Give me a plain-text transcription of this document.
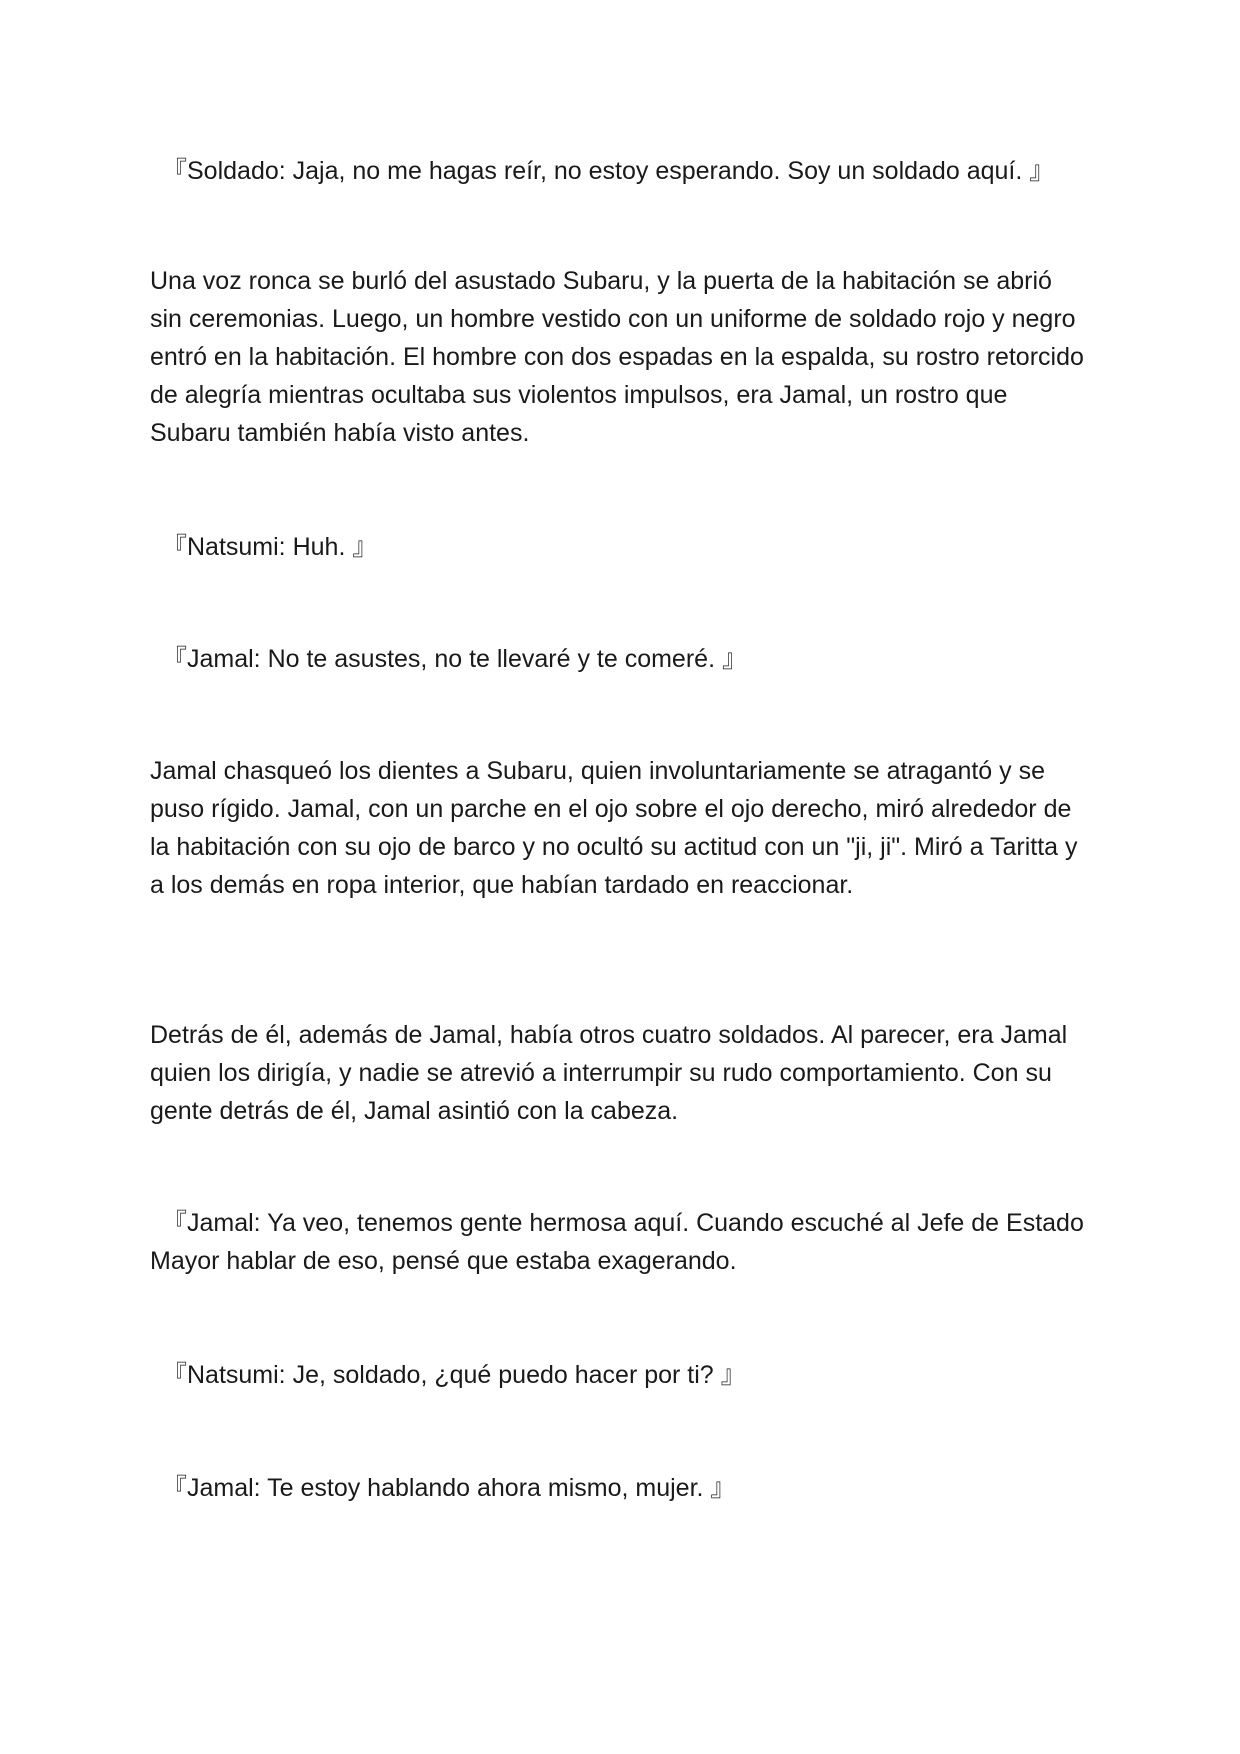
『Soldado: Jaja, no me hagas reír, no estoy esperando. Soy un soldado aquí. 』

Una voz ronca se burló del asustado Subaru, y la puerta de la habitación se abrió sin ceremonias. Luego, un hombre vestido con un uniforme de soldado rojo y negro entró en la habitación. El hombre con dos espadas en la espalda, su rostro retorcido de alegría mientras ocultaba sus violentos impulsos, era Jamal, un rostro que Subaru también había visto antes.

『Natsumi: Huh. 』

『Jamal: No te asustes, no te llevaré y te comeré. 』

Jamal chasqueó los dientes a Subaru, quien involuntariamente se atragantó y se puso rígido. Jamal, con un parche en el ojo sobre el ojo derecho, miró alrededor de la habitación con su ojo de barco y no ocultó su actitud con un "ji, ji". Miró a Taritta y a los demás en ropa interior, que habían tardado en reaccionar.

Detrás de él, además de Jamal, había otros cuatro soldados. Al parecer, era Jamal quien los dirigía, y nadie se atrevió a interrumpir su rudo comportamiento. Con su gente detrás de él, Jamal asintió con la cabeza.

『Jamal: Ya veo, tenemos gente hermosa aquí. Cuando escuché al Jefe de Estado Mayor hablar de eso, pensé que estaba exagerando.

『Natsumi: Je, soldado, ¿qué puedo hacer por ti? 』

『Jamal: Te estoy hablando ahora mismo, mujer. 』
